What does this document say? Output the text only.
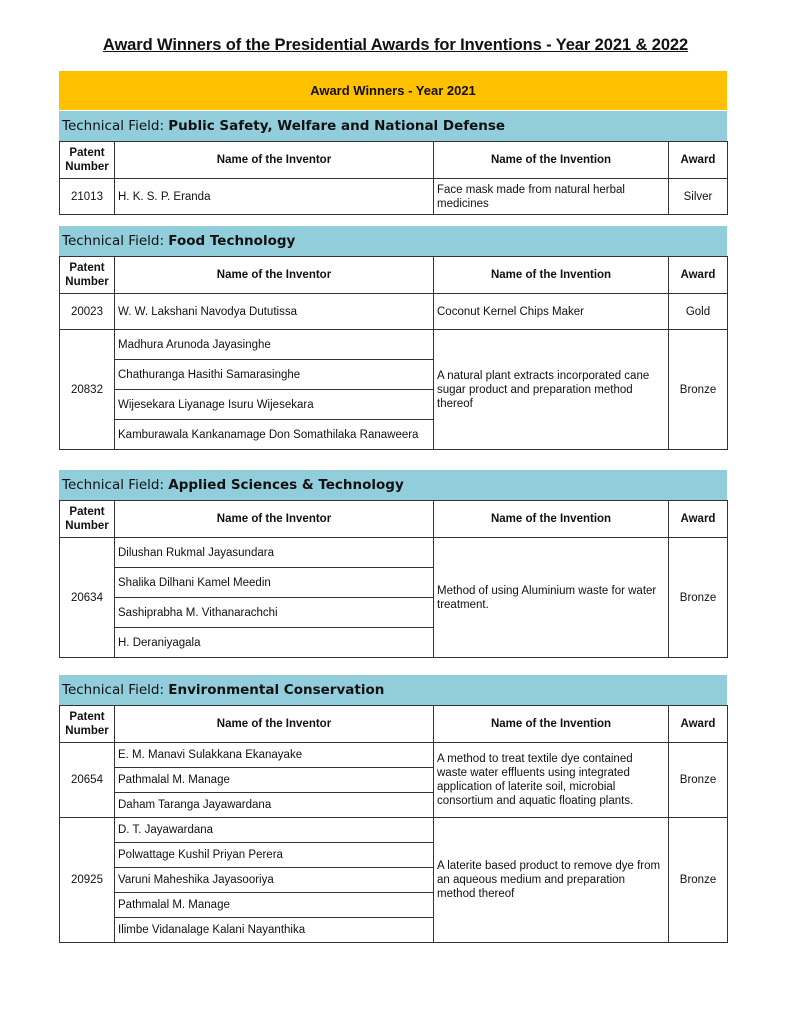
Award Winners of the Presidential Awards for Inventions - Year 2021 & 2022
Award Winners - Year 2021
Technical Field: Public Safety, Welfare and National Defense
Patent Number	Name of the Inventor	Name of the Invention	Award
21013	H. K. S. P. Eranda	Face mask made from natural herbal medicines	Silver
Technical Field: Food Technology
Patent Number	Name of the Inventor	Name of the Invention	Award
20023	W. W. Lakshani Navodya Dututissa	Coconut Kernel Chips Maker	Gold
20832	Madhura Arunoda Jayasinghe	A natural plant extracts incorporated cane sugar product and preparation method thereof	Bronze
	Chathuranga Hasithi Samarasinghe		
	Wijesekara Liyanage Isuru Wijesekara		
	Kamburawala Kankanamage Don Somathilaka Ranaweera		
Technical Field: Applied Sciences & Technology
Patent Number	Name of the Inventor	Name of the Invention	Award
20634	Dilushan Rukmal Jayasundara	Method of using Aluminium waste for water treatment.	Bronze
	Shalika Dilhani Kamel Meedin		
	Sashiprabha M. Vithanarachchi		
	H. Deraniyagala		
Technical Field: Environmental Conservation
Patent Number	Name of the Inventor	Name of the Invention	Award
20654	E. M. Manavi Sulakkana Ekanayake	A method to treat textile dye contained waste water effluents using integrated application of laterite soil, microbial consortium and aquatic floating plants.	Bronze
	Pathmalal M. Manage		
	Daham Taranga Jayawardana		
20925	D. T. Jayawardana	A laterite based product to remove dye from an aqueous medium and preparation method thereof	Bronze
	Polwattage Kushil Priyan Perera		
	Varuni Maheshika Jayasooriya		
	Pathmalal M. Manage		
	Ilimbe Vidanalage Kalani Nayanthika		
